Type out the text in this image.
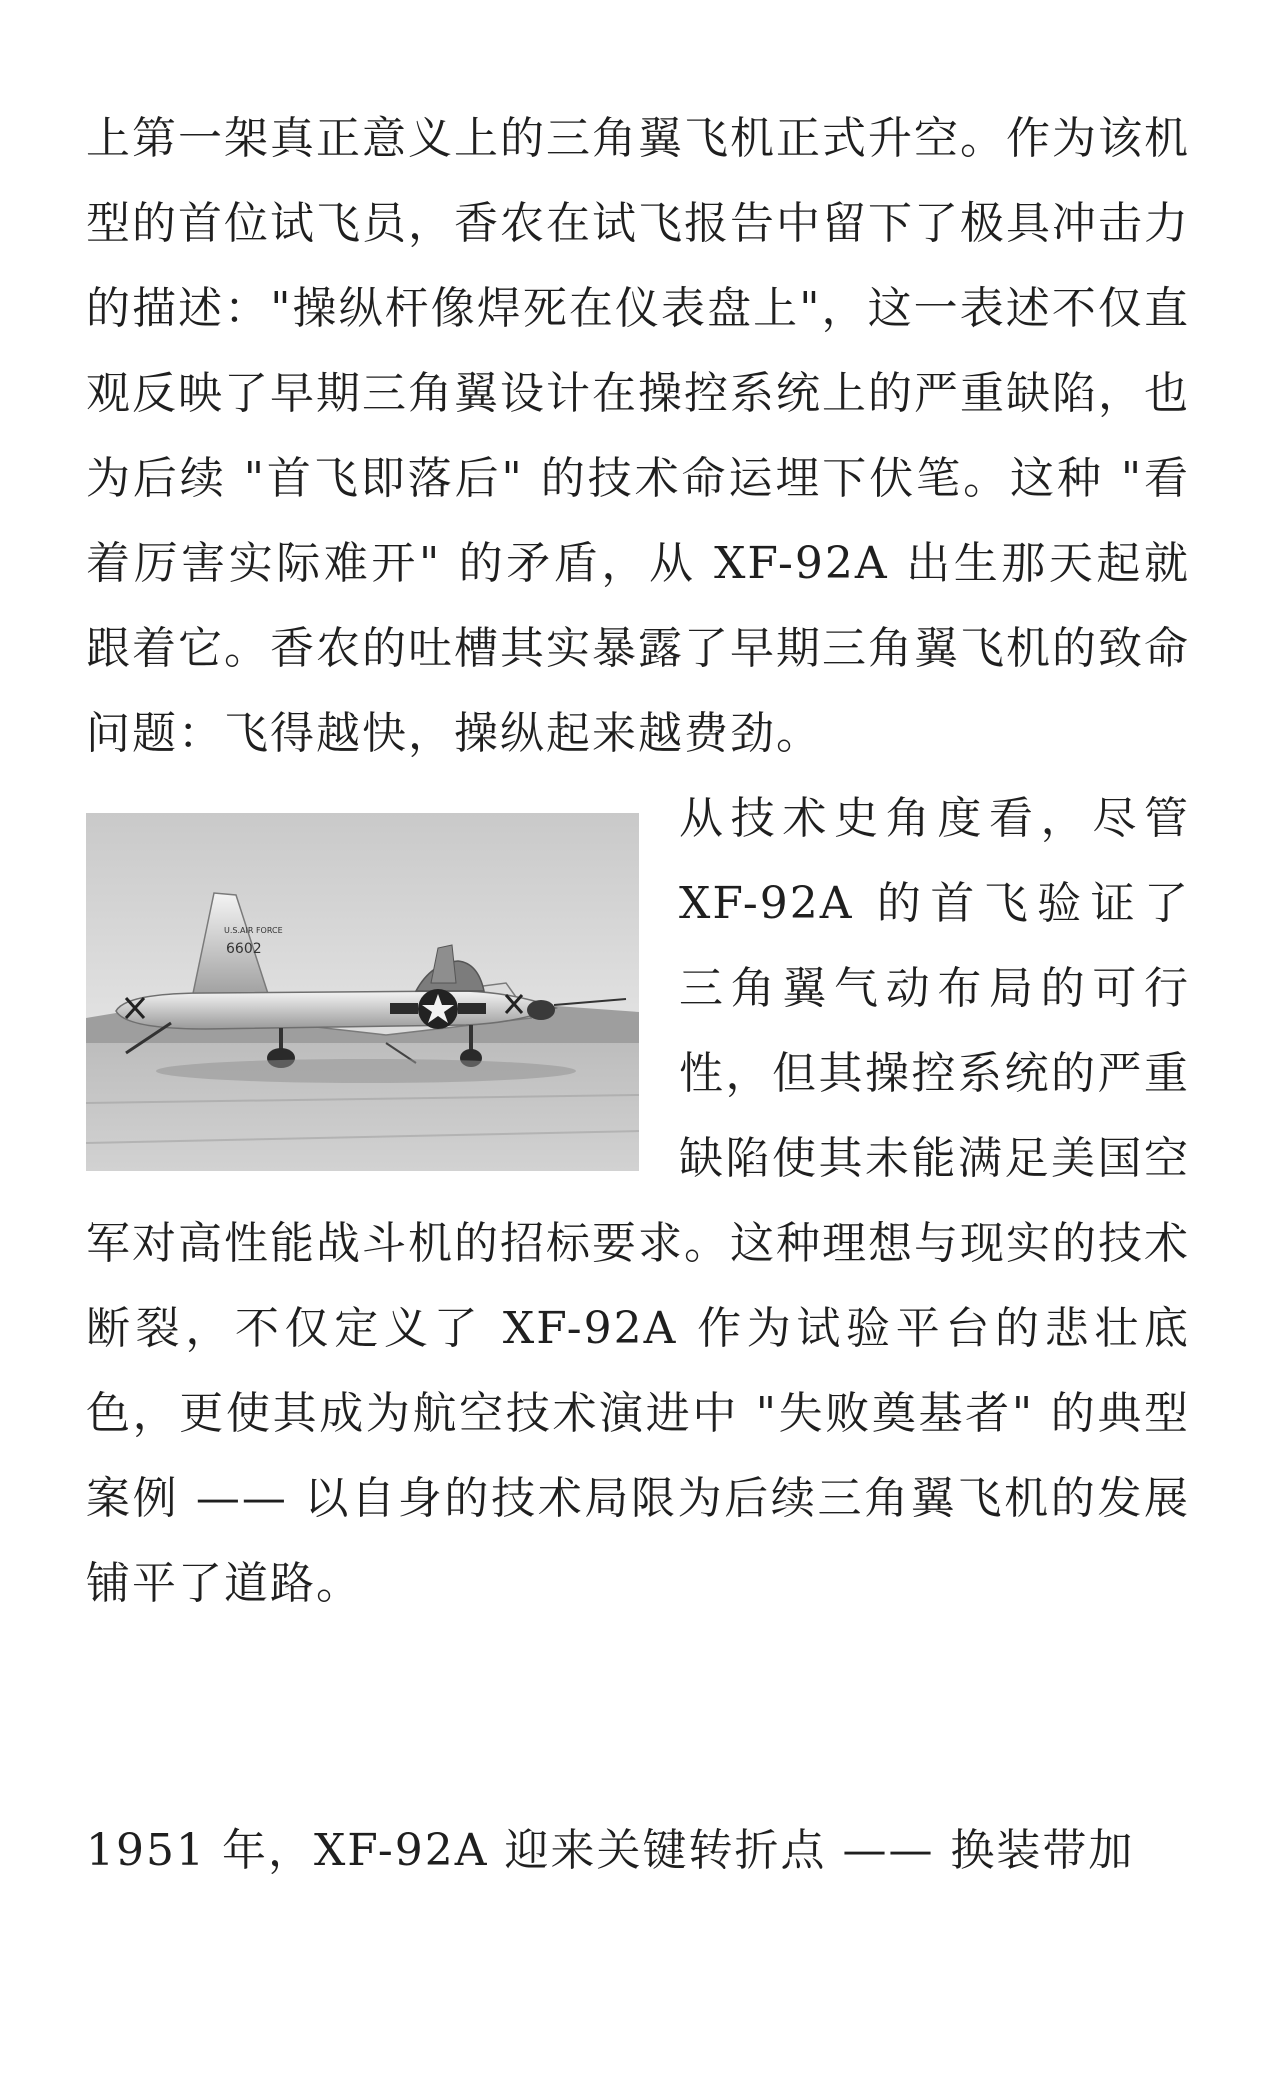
上第一架真正意义上的三角翼飞机正式升空。作为该机型的首位试飞员，香农在试飞报告中留下了极具冲击力的描述："操纵杆像焊死在仪表盘上"，这一表述不仅直观反映了早期三角翼设计在操控系统上的严重缺陷，也为后续 "首飞即落后" 的技术命运埋下伏笔。这种 "看着厉害实际难开" 的矛盾，从 XF-92A 出生那天起就跟着它。香农的吐槽其实暴露了早期三角翼飞机的致命问题：飞得越快，操纵起来越费劲。

U.S.AIR FORCE
6602

从技术史角度看，尽管 XF-92A 的首飞验证了三角翼气动布局的可行性，但其操控系统的严重缺陷使其未能满足美国空军对高性能战斗机的招标要求。这种理想与现实的技术断裂，不仅定义了 XF-92A 作为试验平台的悲壮底色，更使其成为航空技术演进中 "失败奠基者" 的典型案例 —— 以自身的技术局限为后续三角翼飞机的发展铺平了道路。

1951 年，XF-92A 迎来关键转折点 —— 换装带加
